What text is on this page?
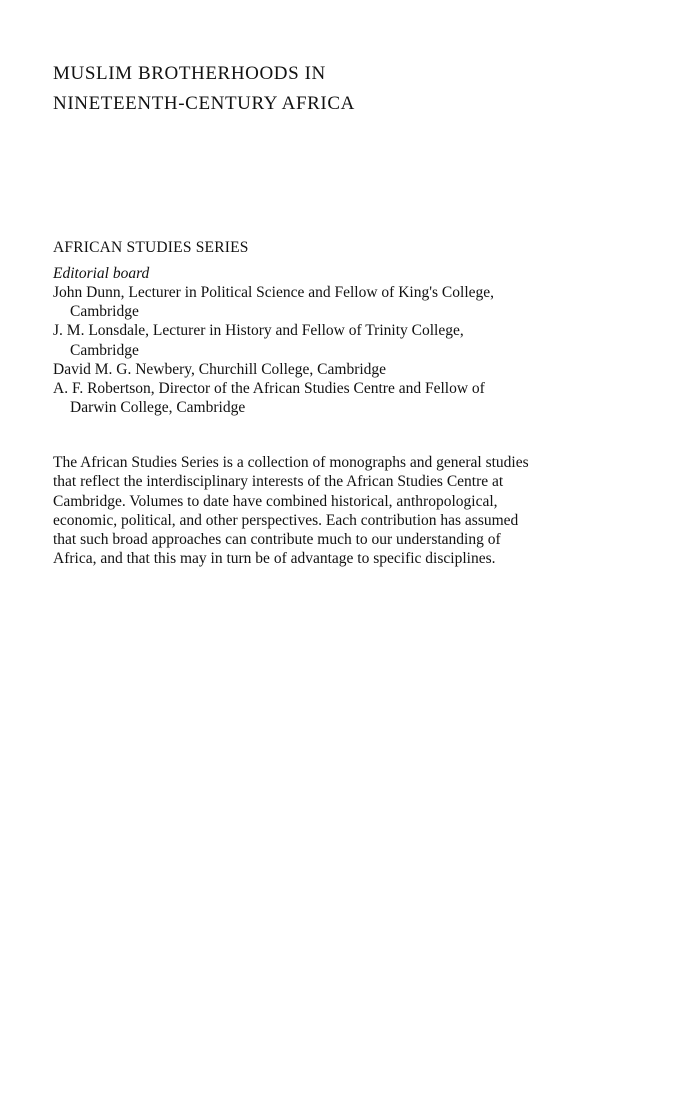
MUSLIM BROTHERHOODS IN
NINETEENTH-CENTURY AFRICA
AFRICAN STUDIES SERIES
Editorial board
John Dunn, Lecturer in Political Science and Fellow of King's College,
Cambridge
J. M. Lonsdale, Lecturer in History and Fellow of Trinity College,
Cambridge
David M. G. Newbery, Churchill College, Cambridge
A. F. Robertson, Director of the African Studies Centre and Fellow of
Darwin College, Cambridge
The African Studies Series is a collection of monographs and general studies
that reflect the interdisciplinary interests of the African Studies Centre at
Cambridge. Volumes to date have combined historical, anthropological,
economic, political, and other perspectives. Each contribution has assumed
that such broad approaches can contribute much to our understanding of
Africa, and that this may in turn be of advantage to specific disciplines.
